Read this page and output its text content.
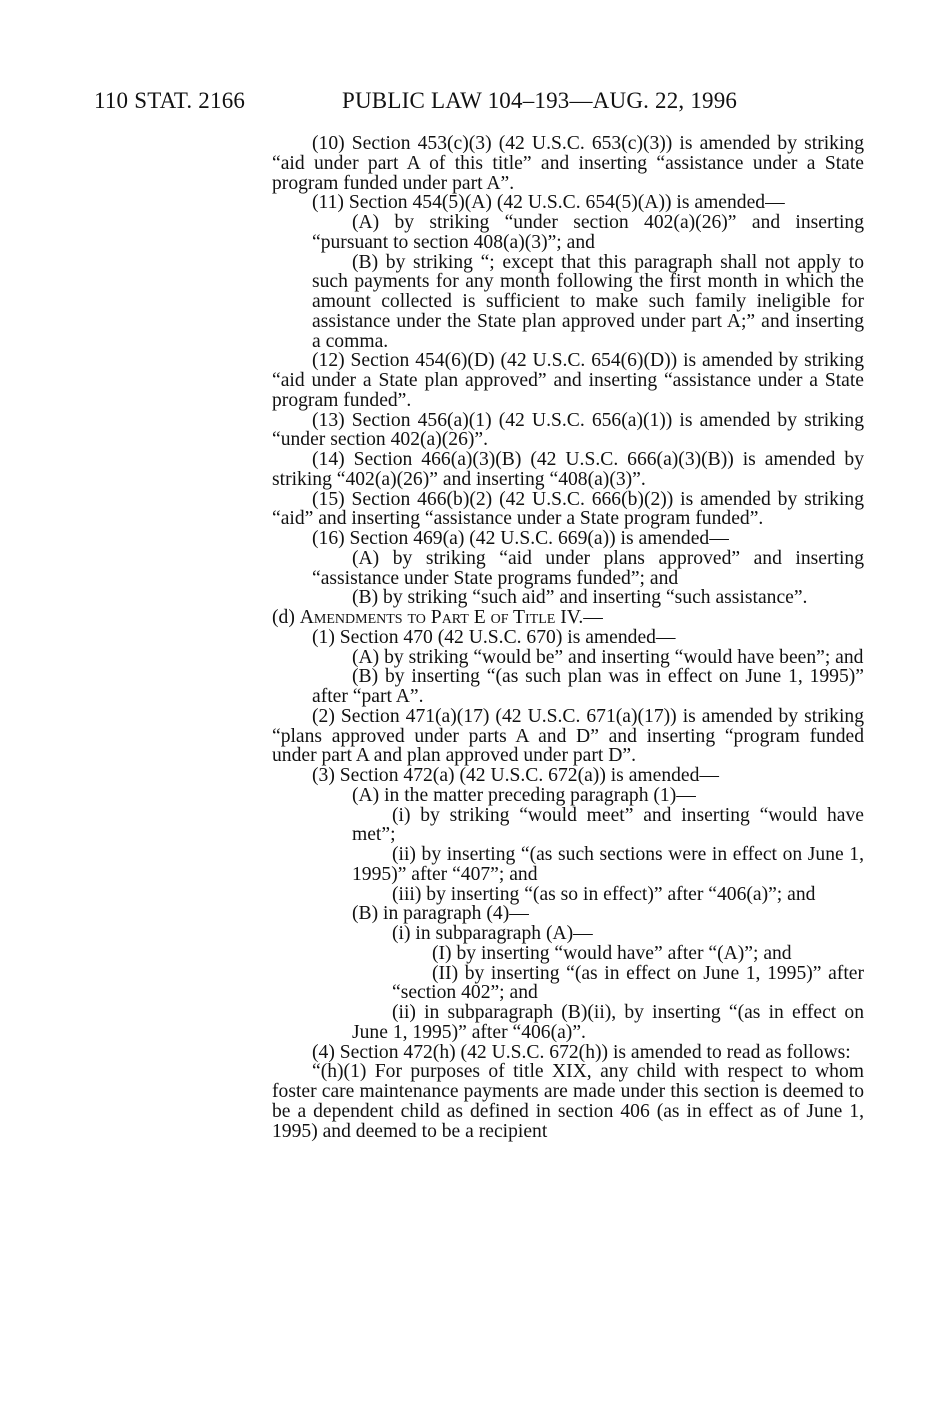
110 STAT. 2166	PUBLIC LAW 104–193—AUG. 22, 1996

(10) Section 453(c)(3) (42 U.S.C. 653(c)(3)) is amended by striking “aid under part A of this title” and inserting “assistance under a State program funded under part A”.

(11) Section 454(5)(A) (42 U.S.C. 654(5)(A)) is amended—

(A) by striking “under section 402(a)(26)” and inserting “pursuant to section 408(a)(3)”; and

(B) by striking “; except that this paragraph shall not apply to such payments for any month following the first month in which the amount collected is sufficient to make such family ineligible for assistance under the State plan approved under part A;” and inserting a comma.

(12) Section 454(6)(D) (42 U.S.C. 654(6)(D)) is amended by striking “aid under a State plan approved” and inserting “assistance under a State program funded”.

(13) Section 456(a)(1) (42 U.S.C. 656(a)(1)) is amended by striking “under section 402(a)(26)”.

(14) Section 466(a)(3)(B) (42 U.S.C. 666(a)(3)(B)) is amended by striking “402(a)(26)” and inserting “408(a)(3)”.

(15) Section 466(b)(2) (42 U.S.C. 666(b)(2)) is amended by striking “aid” and inserting “assistance under a State program funded”.

(16) Section 469(a) (42 U.S.C. 669(a)) is amended—

(A) by striking “aid under plans approved” and inserting “assistance under State programs funded”; and

(B) by striking “such aid” and inserting “such assistance”.

(d) Amendments to Part E of Title IV.—

(1) Section 470 (42 U.S.C. 670) is amended—

(A) by striking “would be” and inserting “would have been”; and

(B) by inserting “(as such plan was in effect on June 1, 1995)” after “part A”.

(2) Section 471(a)(17) (42 U.S.C. 671(a)(17)) is amended by striking “plans approved under parts A and D” and inserting “program funded under part A and plan approved under part D”.

(3) Section 472(a) (42 U.S.C. 672(a)) is amended—

(A) in the matter preceding paragraph (1)—

(i) by striking “would meet” and inserting “would have met”;

(ii) by inserting “(as such sections were in effect on June 1, 1995)” after “407”; and

(iii) by inserting “(as so in effect)” after “406(a)”; and

(B) in paragraph (4)—

(i) in subparagraph (A)—

(I) by inserting “would have” after “(A)”; and

(II) by inserting “(as in effect on June 1, 1995)” after “section 402”; and

(ii) in subparagraph (B)(ii), by inserting “(as in effect on June 1, 1995)” after “406(a)”.

(4) Section 472(h) (42 U.S.C. 672(h)) is amended to read as follows:

“(h)(1) For purposes of title XIX, any child with respect to whom foster care maintenance payments are made under this section is deemed to be a dependent child as defined in section 406 (as in effect as of June 1, 1995) and deemed to be a recipient
